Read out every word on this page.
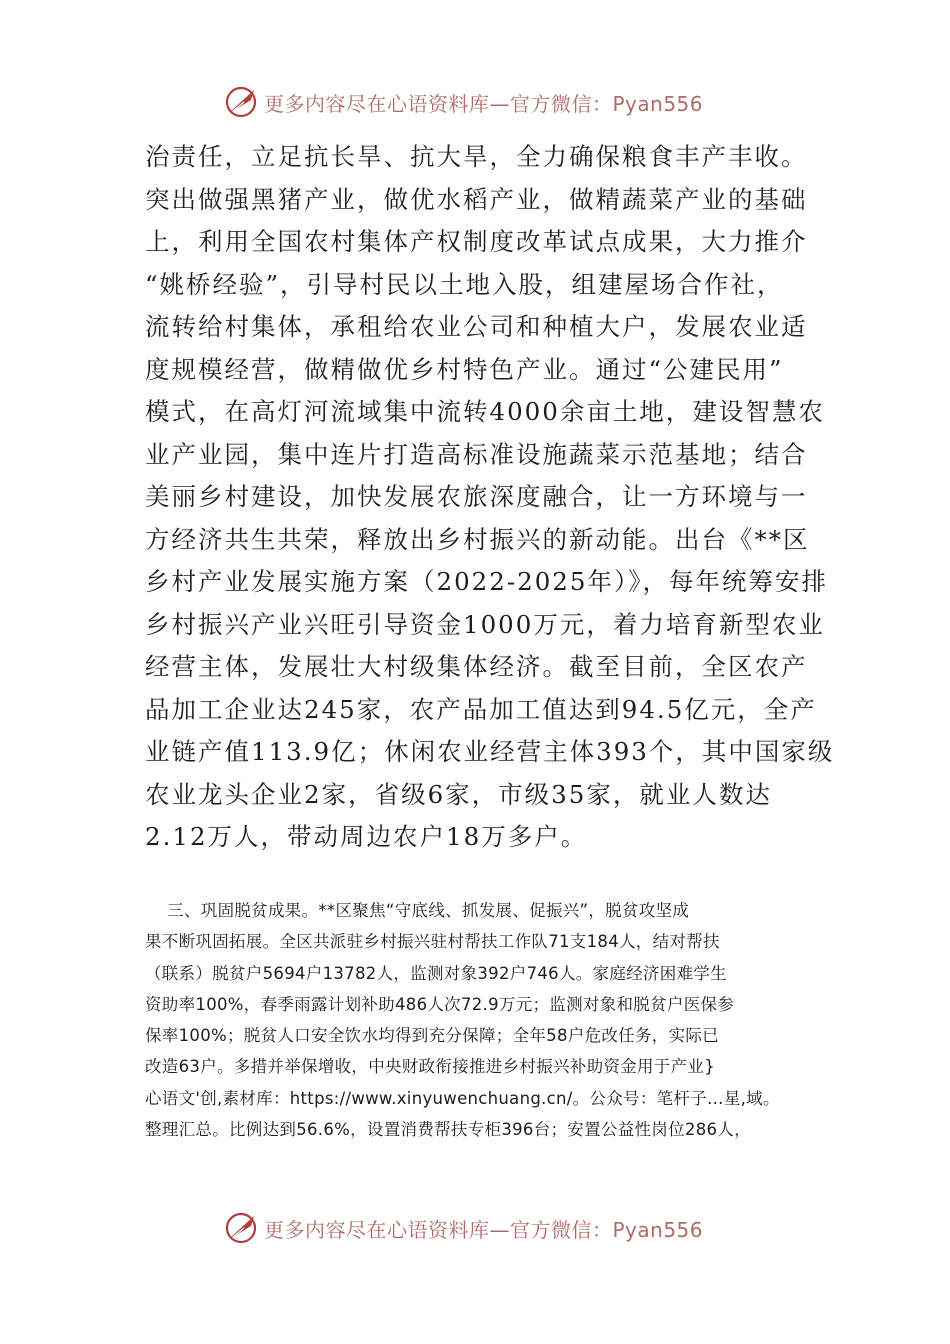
更多内容尽在心语资料库—官方微信：Pyan556
治责任，立足抗长旱、抗大旱，全力确保粮食丰产丰收。
突出做强黑猪产业，做优水稻产业，做精蔬菜产业的基础
上，利用全国农村集体产权制度改革试点成果，大力推介
“姚桥经验”，引导村民以土地入股，组建屋场合作社，
流转给村集体，承租给农业公司和种植大户，发展农业适
度规模经营，做精做优乡村特色产业。通过“公建民用”
模式，在高灯河流域集中流转4000余亩土地，建设智慧农
业产业园，集中连片打造高标准设施蔬菜示范基地；结合
美丽乡村建设，加快发展农旅深度融合，让一方环境与一
方经济共生共荣，释放出乡村振兴的新动能。出台《**区
乡村产业发展实施方案（2022-2025年）》，每年统筹安排
乡村振兴产业兴旺引导资金1000万元，着力培育新型农业
经营主体，发展壮大村级集体经济。截至目前，全区农产
品加工企业达245家，农产品加工值达到94.5亿元，全产
业链产值113.9亿；休闲农业经营主体393个，其中国家级
农业龙头企业2家，省级6家，市级35家，就业人数达
2.12万人，带动周边农户18万多户。
三、巩固脱贫成果。**区聚焦“守底线、抓发展、促振兴”，脱贫攻坚成
果不断巩固拓展。全区共派驻乡村振兴驻村帮扶工作队71支184人，结对帮扶
（联系）脱贫户5694户13782人，监测对象392户746人。家庭经济困难学生
资助率100%，春季雨露计划补助486人次72.9万元；监测对象和脱贫户医保参
保率100%；脱贫人口安全饮水均得到充分保障；全年58户危改任务，实际已
改造63户。多措并举保增收，中央财政衔接推进乡村振兴补助资金用于产业}
心语文'创,素材库：https://www.xinyuwenchuang.cn/。公众号：笔杆子…星,域。
整理汇总。比例达到56.6%，设置消费帮扶专柜396台；安置公益性岗位286人，
更多内容尽在心语资料库—官方微信：Pyan556
